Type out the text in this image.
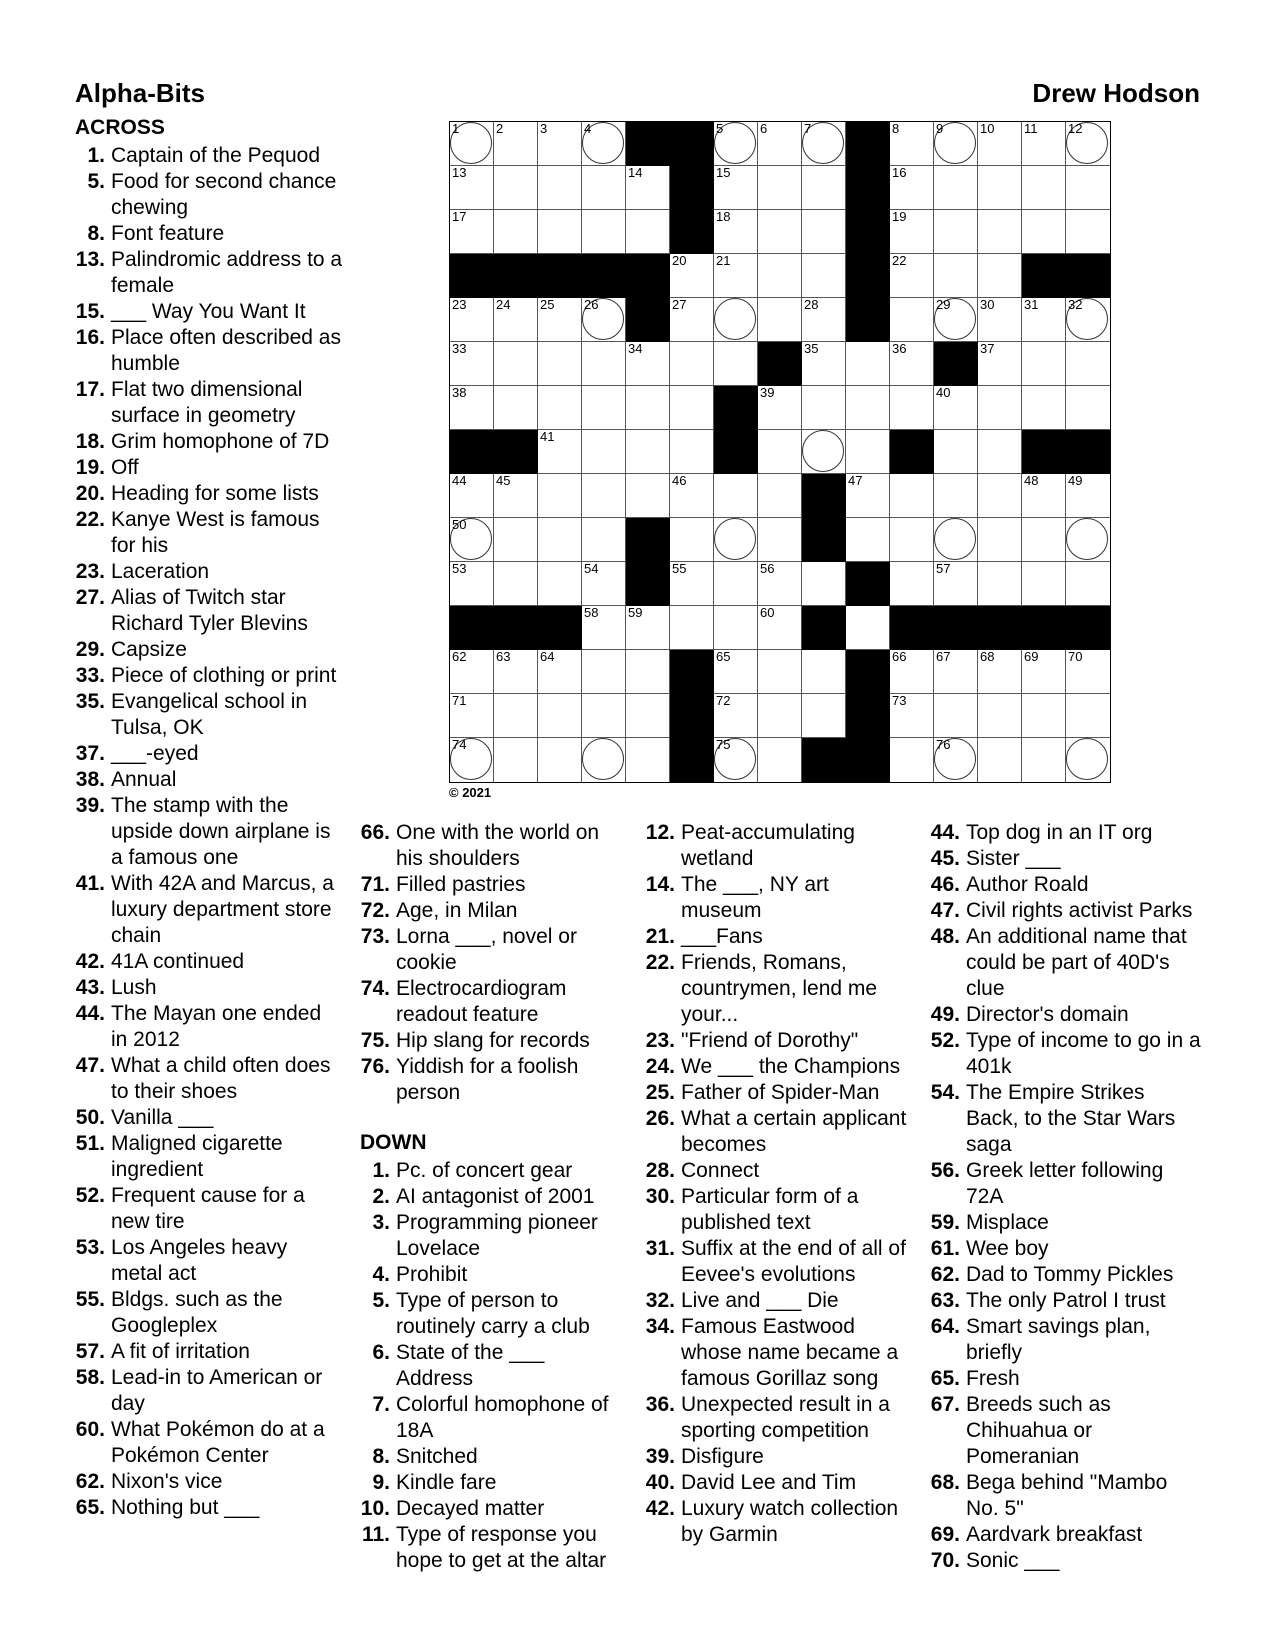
Alpha-Bits	Drew Hodson
1	2	3	4	5	6	7	8	9	10 11 12
13	14	15	16
17	18	19
20 21	22
23 24 25 26	27	28	29 30 31 32
33	34	35	36	37
38	39	40
41
44 45	46	47	48 49
50
53	54	55	56	57
58 59	60
62 63 64	65	66 67 68 69 70
71	72	73
74	75	76
© 2021
ACROSS
1 . Captain of the Pequod
5 . Food for second chance chewing
8 . Font feature
13 . Palindromic address to a female
15 . ___ Way You Want It
16 . Place often described as humble
17 . Flat two dimensional surface in geometry
18 . Grim homophone of 7D
19 . Off
20 . Heading for some lists
22 . Kanye West is famous for his
23 . Laceration
27 . Alias of Twitch star Richard Tyler Blevins
29 . Capsize
33 . Piece of clothing or print
35 . Evangelical school in Tulsa, OK
37 . ___-eyed
38 . Annual
39 . The stamp with the upside down airplane is a famous one
41 . With 42A and Marcus, a luxury department store chain
42 . 41A continued
43 . Lush
44 . The Mayan one ended in 2012
47 . What a child often does to their shoes
50 . Vanilla ___
51 . Maligned cigarette ingredient
52 . Frequent cause for a new tire
53 . Los Angeles heavy metal act
55 . Bldgs. such as the Googleplex
57 . A fit of irritation
58 . Lead-in to American or day
60 . What Pokémon do at a Pokémon Center
62 . Nixon's vice
65 . Nothing but ___
66 . One with the world on his shoulders
71 . Filled pastries
72 . Age, in Milan
73 . Lorna ___, novel or cookie
74 . Electrocardiogram readout feature
75 . Hip slang for records
76 . Yiddish for a foolish person
DOWN
1 . Pc. of concert gear
2 . AI antagonist of 2001
3 . Programming pioneer Lovelace
4 . Prohibit
5 . Type of person to routinely carry a club
6 . State of the ___ Address
7 . Colorful homophone of 18A
8 . Snitched
9 . Kindle fare
10 . Decayed matter
11 . Type of response you hope to get at the altar
12 . Peat-accumulating wetland
14 . The ___, NY art museum
21 . ___Fans
22 . Friends, Romans, countrymen, lend me your...
23 . "Friend of Dorothy"
24 . We ___ the Champions
25 . Father of Spider-Man
26 . What a certain applicant becomes
28 . Connect
30 . Particular form of a published text
31 . Suffix at the end of all of Eevee's evolutions
32 . Live and ___ Die
34 . Famous Eastwood whose name became a famous Gorillaz song
36 . Unexpected result in a sporting competition
39 . Disfigure
40 . David Lee and Tim
42 . Luxury watch collection by Garmin
44 . Top dog in an IT org
45 . Sister ___
46 . Author Roald
47 . Civil rights activist Parks
48 . An additional name that could be part of 40D's clue
49 . Director's domain
52 . Type of income to go in a 401k
54 . The Empire Strikes Back, to the Star Wars saga
56 . Greek letter following 72A
59 . Misplace
61 . Wee boy
62 . Dad to Tommy Pickles
63 . The only Patrol I trust
64 . Smart savings plan, briefly
65 . Fresh
67 . Breeds such as Chihuahua or Pomeranian
68 . Bega behind "Mambo No. 5"
69 . Aardvark breakfast
70 . Sonic ___
